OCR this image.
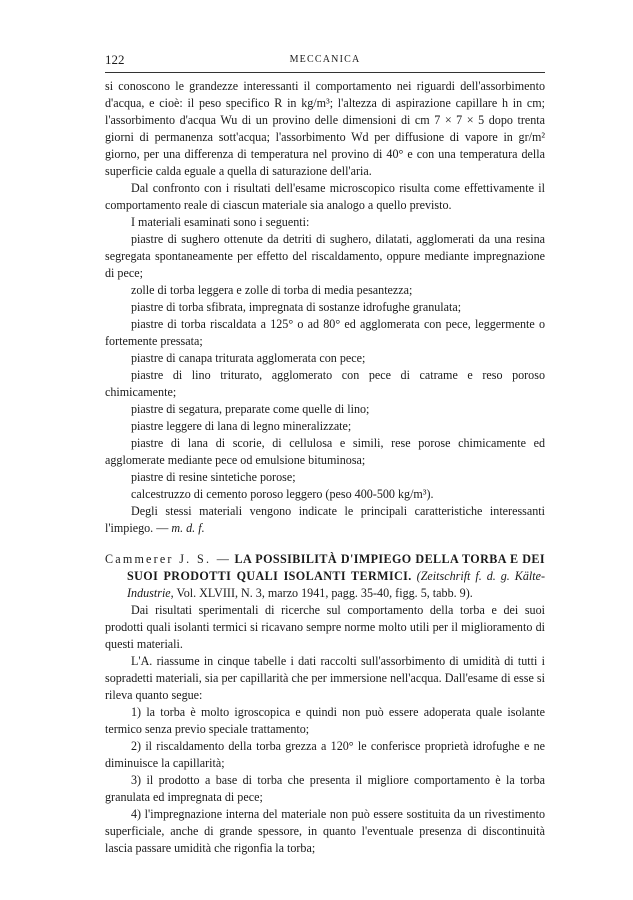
122	MECCANICA

si conoscono le grandezze interessanti il comportamento nei riguardi dell'assorbimento d'acqua, e cioè: il peso specifico R in kg/m³; l'altezza di aspirazione capillare h in cm; l'assorbimento d'acqua Wu di un provino delle dimensioni di cm 7 × 7 × 5 dopo trenta giorni di permanenza sott'acqua; l'assorbimento Wd per diffusione di vapore in gr/m² giorno, per una differenza di temperatura nel provino di 40° e con una temperatura della superficie calda eguale a quella di saturazione dell'aria.

Dal confronto con i risultati dell'esame microscopico risulta come effettivamente il comportamento reale di ciascun materiale sia analogo a quello previsto.

I materiali esaminati sono i seguenti:

piastre di sughero ottenute da detriti di sughero, dilatati, agglomerati da una resina segregata spontaneamente per effetto del riscaldamento, oppure mediante impregnazione di pece;

zolle di torba leggera e zolle di torba di media pesantezza;

piastre di torba sfibrata, impregnata di sostanze idrofughe granulata;

piastre di torba riscaldata a 125° o ad 80° ed agglomerata con pece, leggermente o fortemente pressata;

piastre di canapa triturata agglomerata con pece;

piastre di lino triturato, agglomerato con pece di catrame e reso poroso chimicamente;

piastre di segatura, preparate come quelle di lino;

piastre leggere di lana di legno mineralizzate;

piastre di lana di scorie, di cellulosa e simili, rese porose chimicamente ed agglomerate mediante pece od emulsione bituminosa;

piastre di resine sintetiche porose;

calcestruzzo di cemento poroso leggero (peso 400-500 kg/m³).

Degli stessi materiali vengono indicate le principali caratteristiche interessanti l'impiego. — m. d. f.

Cammerer J. S. — LA POSSIBILITÀ D'IMPIEGO DELLA TORBA E DEI SUOI PRODOTTI QUALI ISOLANTI TERMICI. (Zeitschrift f. d. g. Kälte-Industrie, Vol. XLVIII, N. 3, marzo 1941, pagg. 35-40, figg. 5, tabb. 9).

Dai risultati sperimentali di ricerche sul comportamento della torba e dei suoi prodotti quali isolanti termici si ricavano sempre norme molto utili per il miglioramento di questi materiali.

L'A. riassume in cinque tabelle i dati raccolti sull'assorbimento di umidità di tutti i sopradetti materiali, sia per capillarità che per immersione nell'acqua. Dall'esame di esse si rileva quanto segue:

1) la torba è molto igroscopica e quindi non può essere adoperata quale isolante termico senza previo speciale trattamento;

2) il riscaldamento della torba grezza a 120° le conferisce proprietà idrofughe e ne diminuisce la capillarità;

3) il prodotto a base di torba che presenta il migliore comportamento è la torba granulata ed impregnata di pece;

4) l'impregnazione interna del materiale non può essere sostituita da un rivestimento superficiale, anche di grande spessore, in quanto l'eventuale presenza di discontinuità lascia passare umidità che rigonfia la torba;
